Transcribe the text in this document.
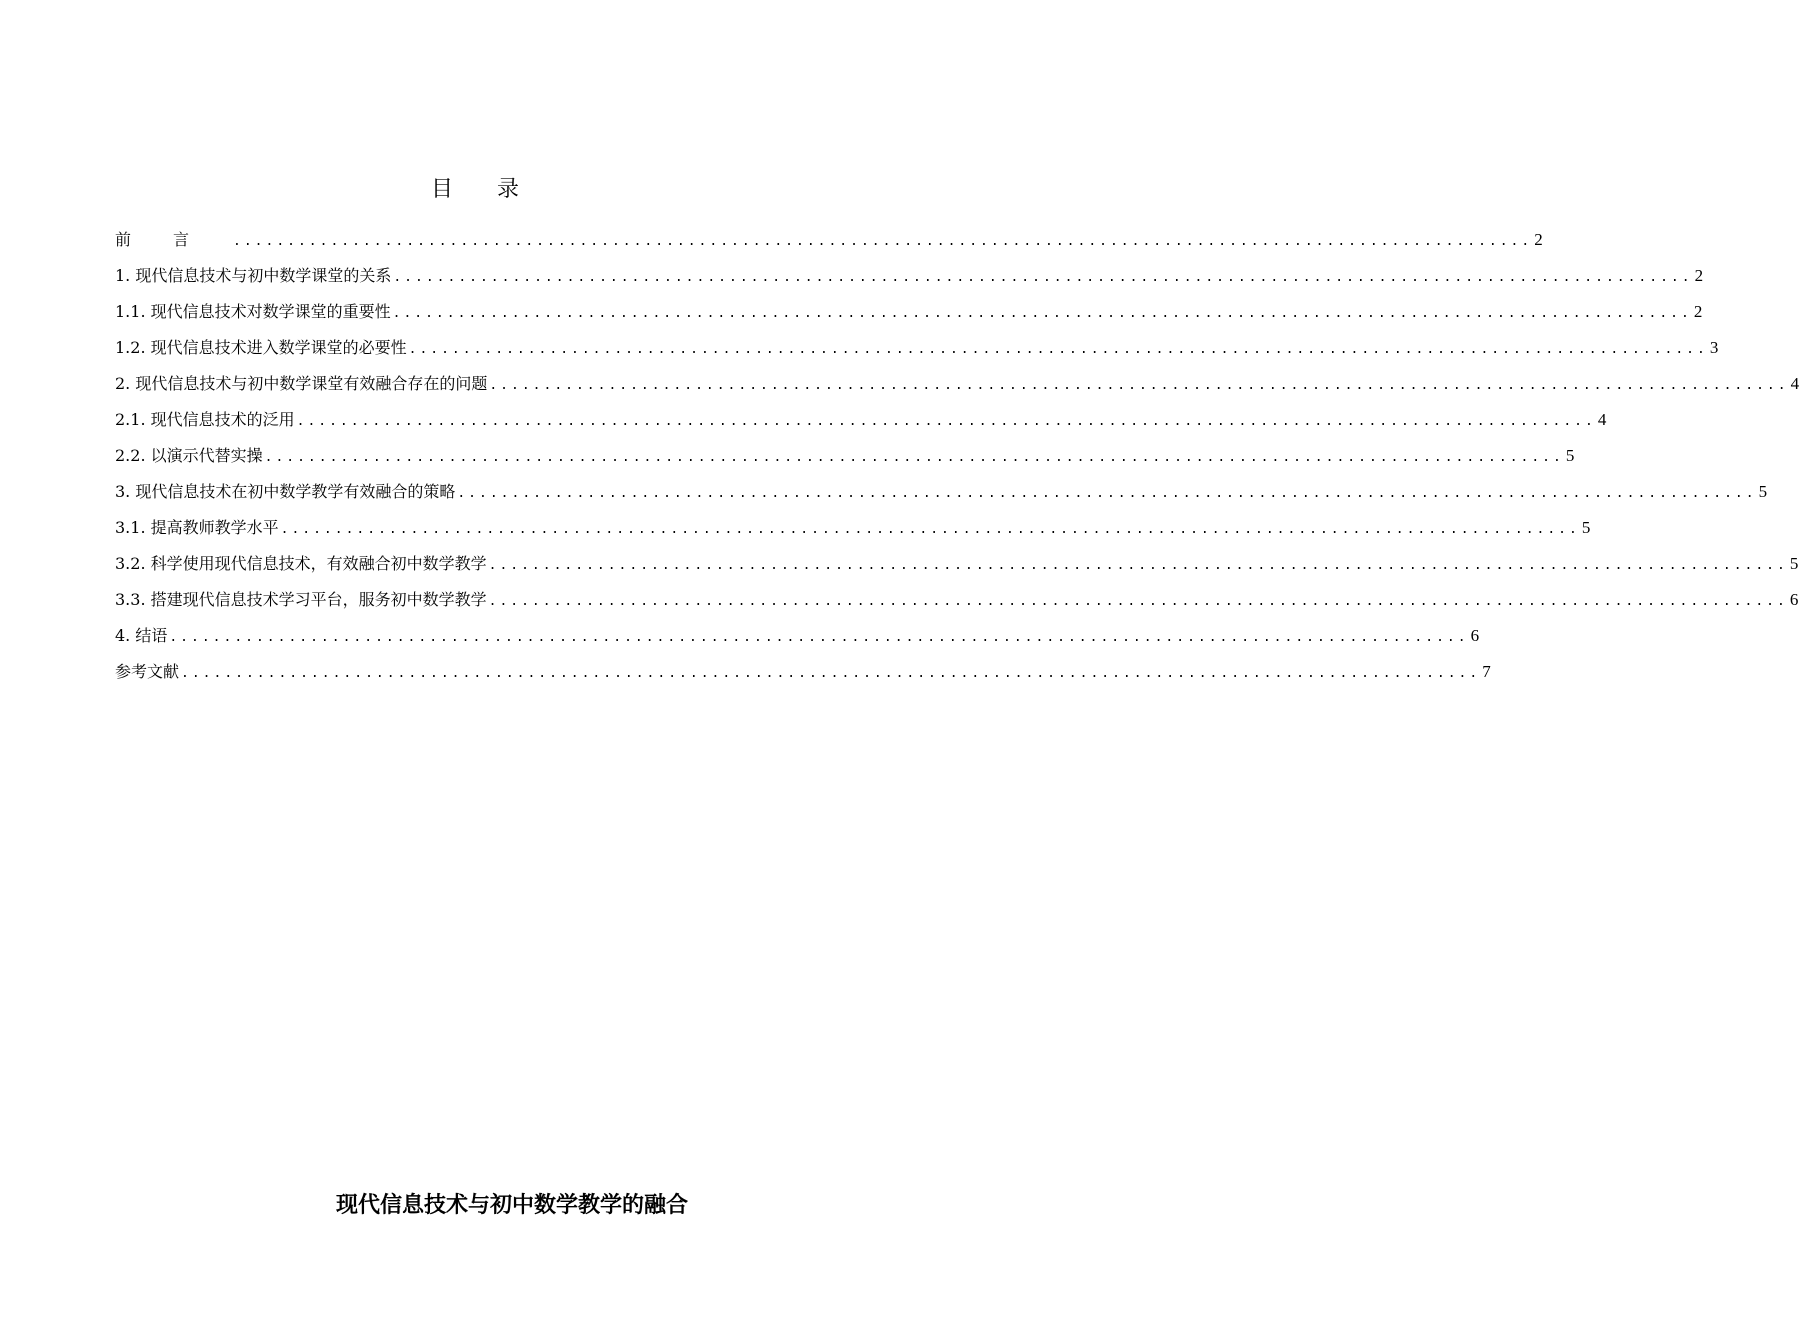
目 录
前言 ........................................................................................................................ 2
1. 现代信息技术与初中数学课堂的关系 ........................................................................................................................ 2
1.1. 现代信息技术对数学课堂的重要性 ........................................................................................................................ 2
1.2. 现代信息技术进入数学课堂的必要性 ........................................................................................................................ 3
2. 现代信息技术与初中数学课堂有效融合存在的问题 ........................................................................................................................ 4
2.1. 现代信息技术的泛用 ........................................................................................................................ 4
2.2. 以演示代替实操 ........................................................................................................................ 5
3. 现代信息技术在初中数学教学有效融合的策略 ........................................................................................................................ 5
3.1. 提高教师教学水平 ........................................................................................................................ 5
3.2. 科学使用现代信息技术，有效融合初中数学教学 ........................................................................................................................ 5
3.3. 搭建现代信息技术学习平台，服务初中数学教学 ........................................................................................................................ 6
4. 结语 ........................................................................................................................ 6
参考文献 ........................................................................................................................ 7
现代信息技术与初中数学教学的融合
